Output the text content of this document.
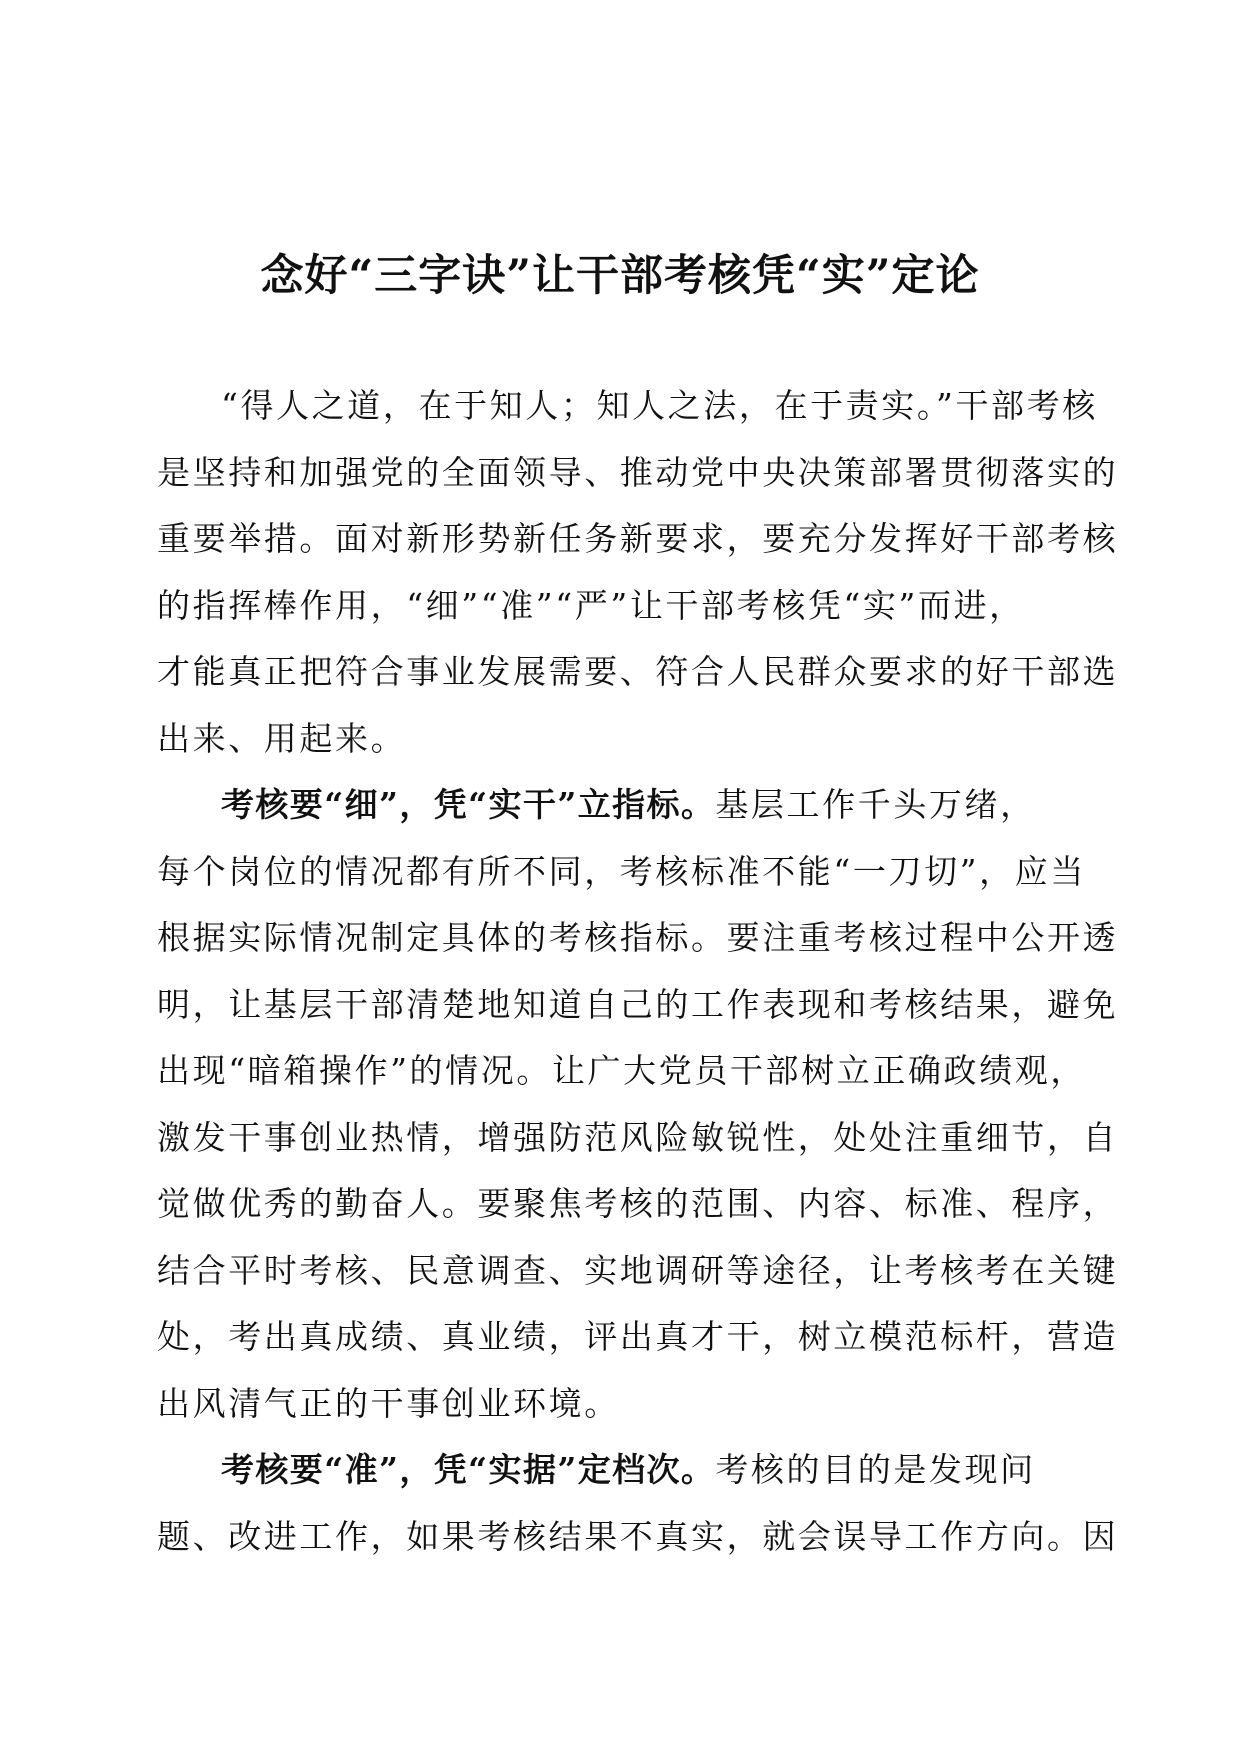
念好“三字诀”让干部考核凭“实”定论
“得人之道，在于知人；知人之法，在于责实。”干部考核
是坚持和加强党的全面领导、推动党中央决策部署贯彻落实的
重要举措。面对新形势新任务新要求，要充分发挥好干部考核
的指挥棒作用，“细”“准”“严”让干部考核凭“实”而进，
才能真正把符合事业发展需要、符合人民群众要求的好干部选
出来、用起来。
考核要“细”，凭“实干”立指标。基层工作千头万绪，
每个岗位的情况都有所不同，考核标准不能“一刀切”，应当
根据实际情况制定具体的考核指标。要注重考核过程中公开透
明，让基层干部清楚地知道自己的工作表现和考核结果，避免
出现“暗箱操作”的情况。让广大党员干部树立正确政绩观，
激发干事创业热情，增强防范风险敏锐性，处处注重细节，自
觉做优秀的勤奋人。要聚焦考核的范围、内容、标准、程序，
结合平时考核、民意调查、实地调研等途径，让考核考在关键
处，考出真成绩、真业绩，评出真才干，树立模范标杆，营造
出风清气正的干事创业环境。
考核要“准”，凭“实据”定档次。考核的目的是发现问
题、改进工作，如果考核结果不真实，就会误导工作方向。因
